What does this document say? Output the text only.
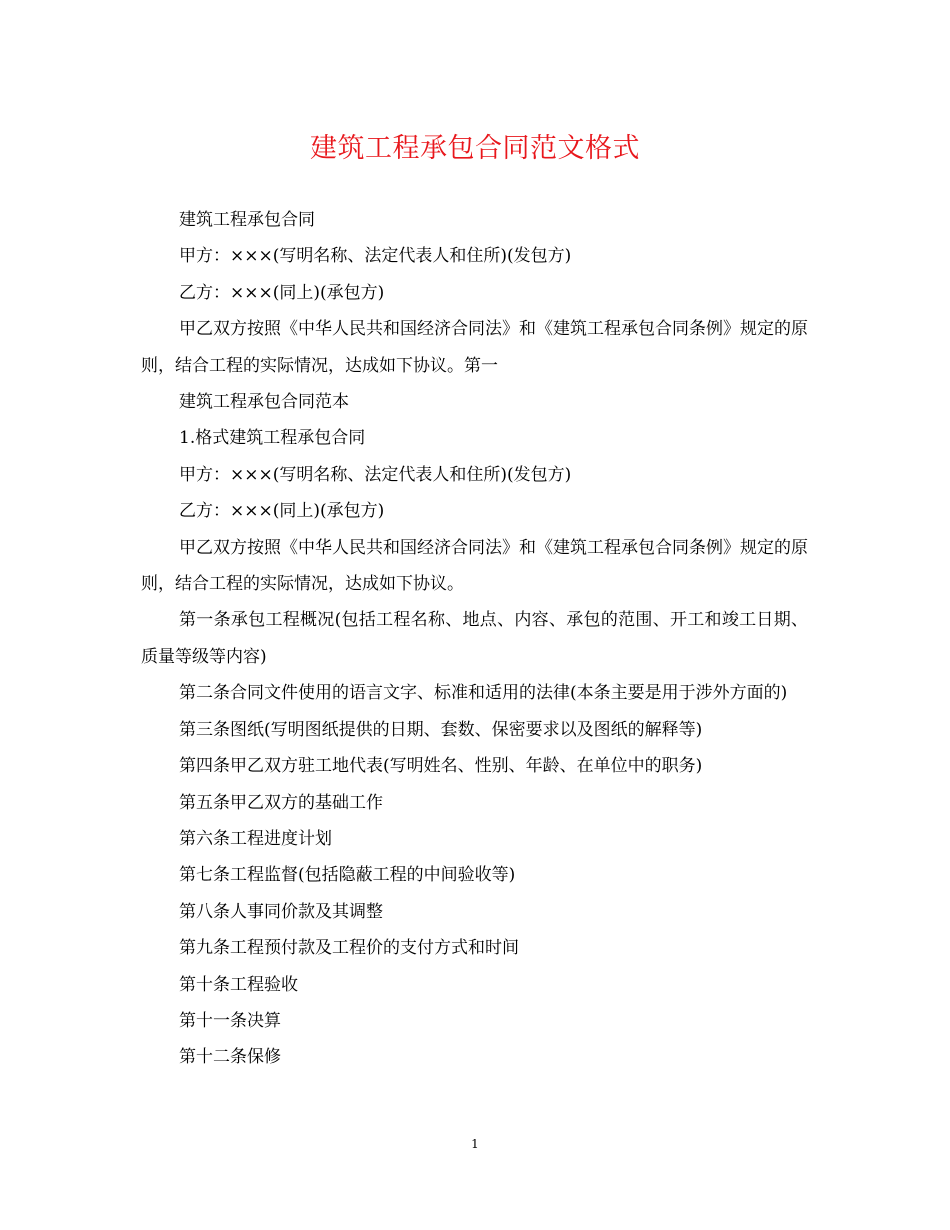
建筑工程承包合同范文格式

建筑工程承包合同

甲方：×××(写明名称、法定代表人和住所)(发包方)

乙方：×××(同上)(承包方)

甲乙双方按照《中华人民共和国经济合同法》和《建筑工程承包合同条例》规定的原则，结合工程的实际情况，达成如下协议。第一

建筑工程承包合同范本

1.格式建筑工程承包合同

甲方：×××(写明名称、法定代表人和住所)(发包方)

乙方：×××(同上)(承包方)

甲乙双方按照《中华人民共和国经济合同法》和《建筑工程承包合同条例》规定的原则，结合工程的实际情况，达成如下协议。

第一条承包工程概况(包括工程名称、地点、内容、承包的范围、开工和竣工日期、质量等级等内容)

第二条合同文件使用的语言文字、标准和适用的法律(本条主要是用于涉外方面的)

第三条图纸(写明图纸提供的日期、套数、保密要求以及图纸的解释等)

第四条甲乙双方驻工地代表(写明姓名、性别、年龄、在单位中的职务)

第五条甲乙双方的基础工作

第六条工程进度计划

第七条工程监督(包括隐蔽工程的中间验收等)

第八条人事同价款及其调整

第九条工程预付款及工程价的支付方式和时间

第十条工程验收

第十一条决算

第十二条保修

1
